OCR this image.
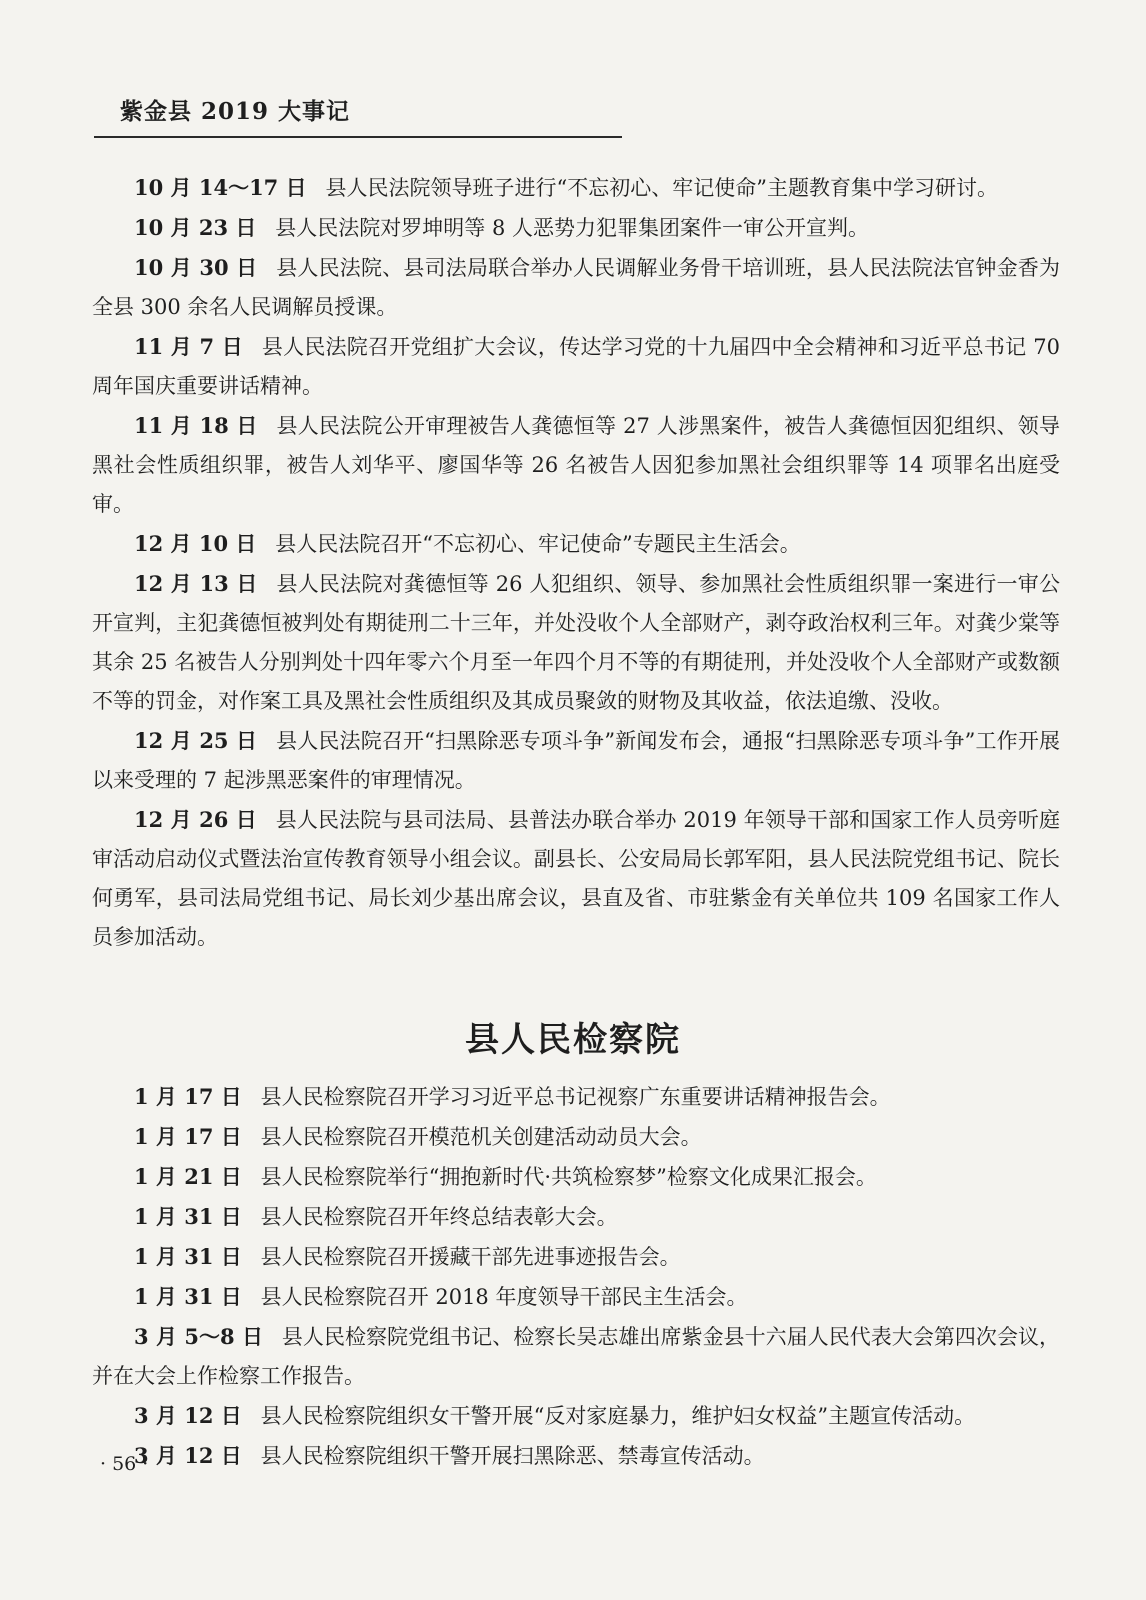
紫金县 2019 大事记

10 月 14～17 日 县人民法院领导班子进行“不忘初心、牢记使命”主题教育集中学习研讨。

10 月 23 日 县人民法院对罗坤明等 8 人恶势力犯罪集团案件一审公开宣判。

10 月 30 日 县人民法院、县司法局联合举办人民调解业务骨干培训班，县人民法院法官钟金香为全县 300 余名人民调解员授课。

11 月 7 日 县人民法院召开党组扩大会议，传达学习党的十九届四中全会精神和习近平总书记 70 周年国庆重要讲话精神。

11 月 18 日 县人民法院公开审理被告人龚德恒等 27 人涉黑案件，被告人龚德恒因犯组织、领导黑社会性质组织罪，被告人刘华平、廖国华等 26 名被告人因犯参加黑社会组织罪等 14 项罪名出庭受审。

12 月 10 日 县人民法院召开“不忘初心、牢记使命”专题民主生活会。

12 月 13 日 县人民法院对龚德恒等 26 人犯组织、领导、参加黑社会性质组织罪一案进行一审公开宣判，主犯龚德恒被判处有期徒刑二十三年，并处没收个人全部财产，剥夺政治权利三年。对龚少棠等其余 25 名被告人分别判处十四年零六个月至一年四个月不等的有期徒刑，并处没收个人全部财产或数额不等的罚金，对作案工具及黑社会性质组织及其成员聚敛的财物及其收益，依法追缴、没收。

12 月 25 日 县人民法院召开“扫黑除恶专项斗争”新闻发布会，通报“扫黑除恶专项斗争”工作开展以来受理的 7 起涉黑恶案件的审理情况。

12 月 26 日 县人民法院与县司法局、县普法办联合举办 2019 年领导干部和国家工作人员旁听庭审活动启动仪式暨法治宣传教育领导小组会议。副县长、公安局局长郭军阳，县人民法院党组书记、院长何勇军，县司法局党组书记、局长刘少基出席会议，县直及省、市驻紫金有关单位共 109 名国家工作人员参加活动。

县人民检察院

1 月 17 日 县人民检察院召开学习习近平总书记视察广东重要讲话精神报告会。

1 月 17 日 县人民检察院召开模范机关创建活动动员大会。

1 月 21 日 县人民检察院举行“拥抱新时代·共筑检察梦”检察文化成果汇报会。

1 月 31 日 县人民检察院召开年终总结表彰大会。

1 月 31 日 县人民检察院召开援藏干部先进事迹报告会。

1 月 31 日 县人民检察院召开 2018 年度领导干部民主生活会。

3 月 5～8 日 县人民检察院党组书记、检察长吴志雄出席紫金县十六届人民代表大会第四次会议，并在大会上作检察工作报告。

3 月 12 日 县人民检察院组织女干警开展“反对家庭暴力，维护妇女权益”主题宣传活动。

3 月 12 日 县人民检察院组织干警开展扫黑除恶、禁毒宣传活动。

· 56 ·
